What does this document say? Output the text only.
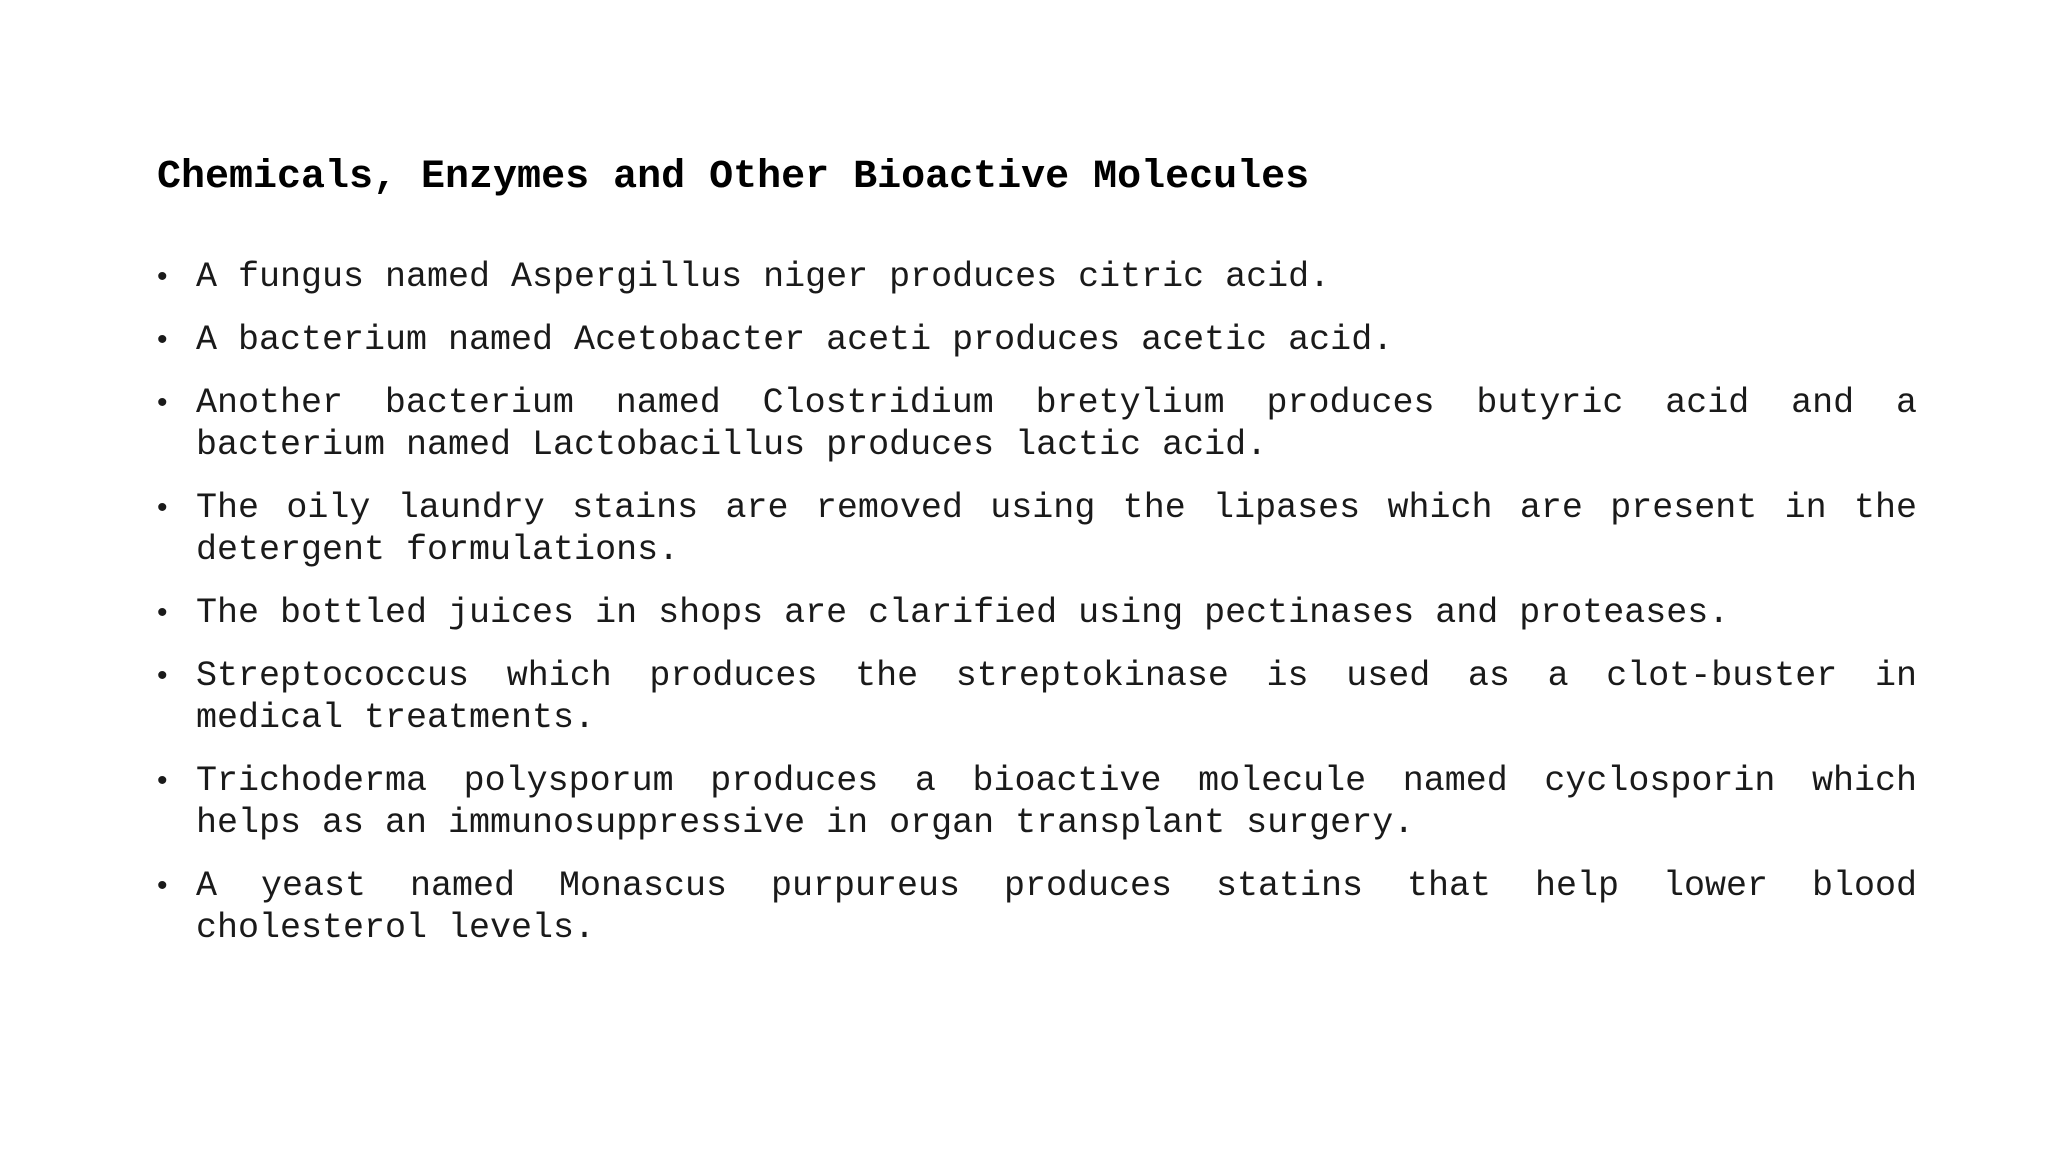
Chemicals, Enzymes and Other Bioactive Molecules
• A fungus named Aspergillus niger produces citric acid.
• A bacterium named Acetobacter aceti produces acetic acid.
• Another bacterium named Clostridium bretylium produces butyric acid and a bacterium named Lactobacillus produces lactic acid.
• The oily laundry stains are removed using the lipases which are present in the detergent formulations.
• The bottled juices in shops are clarified using pectinases and proteases.
• Streptococcus which produces the streptokinase is used as a clot-buster in medical treatments.
• Trichoderma polysporum produces a bioactive molecule named cyclosporin which helps as an immunosuppressive in organ transplant surgery.
• A yeast named Monascus purpureus produces statins that help lower blood cholesterol levels.
